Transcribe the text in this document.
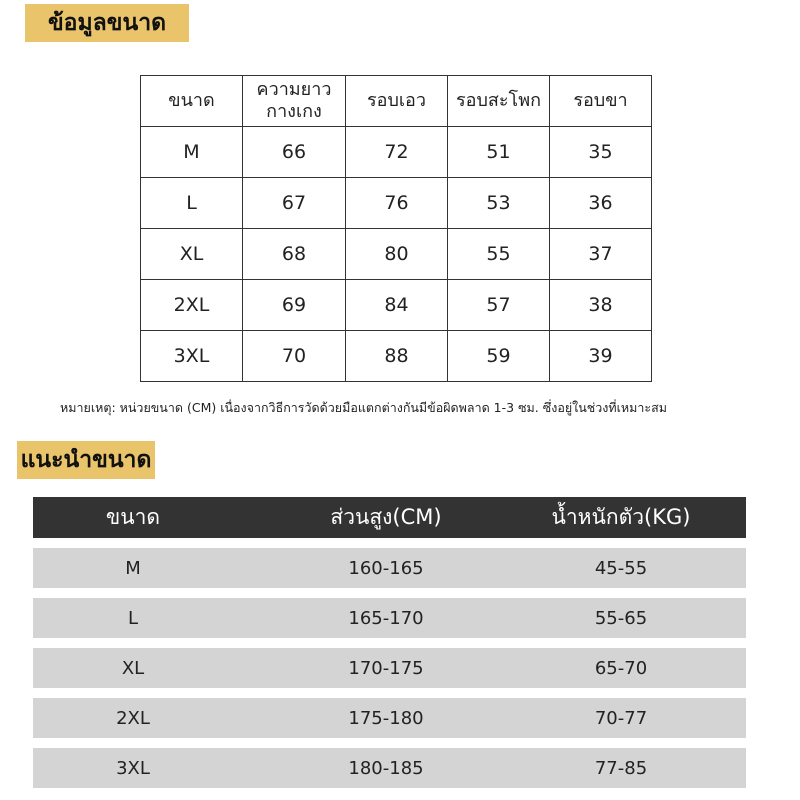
ข้อมูลขนาด
ขนาด	ความยาว กางเกง	รอบเอว	รอบสะโพก	รอบขา
M	66	72	51	35
L	67	76	53	36
XL	68	80	55	37
2XL	69	84	57	38
3XL	70	88	59	39
หมายเหตุ: หน่วยขนาด (CM) เนื่องจากวิธีการวัดด้วยมือแตกต่างกันมีข้อผิดพลาด 1-3 ซม. ซึ่งอยู่ในช่วงที่เหมาะสม
แนะนำขนาด
ขนาด	ส่วนสูง(CM)	น้ำหนักตัว(KG)
M	160-165	45-55
L	165-170	55-65
XL	170-175	65-70
2XL	175-180	70-77
3XL	180-185	77-85
